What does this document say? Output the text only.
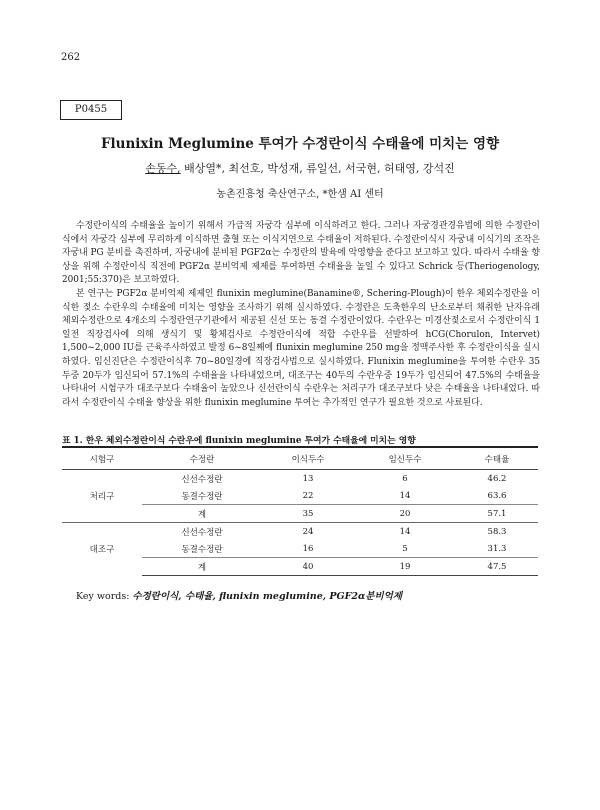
262
P0455
Flunixin Meglumine 투여가 수정란이식 수태율에 미치는 영향
손동수, 배상열*, 최선호, 박성재, 류일선, 서국현, 허태영, 강석진
농촌진흥청 축산연구소, *한샘 AI 센터

수정란이식의 수태율을 높이기 위해서 가급적 자궁각 심부에 이식하려고 한다. 그러나 자궁경관경유법에 의한 수정란이식에서 자궁각 심부에 무리하게 이식하면 출혈 또는 이식지연으로 수태율이 저하된다. 수정란이식시 자궁내 이식기의 조작은 자궁내 PG 분비를 촉진하며, 자궁내에 분비된 PGF2α는 수정란의 발육에 악영향을 준다고 보고하고 있다. 따라서 수태율 향상을 위해 수정란이식 직전에 PGF2α 분비억제 제제를 투여하면 수태율을 높일 수 있다고 Schrick 등(Theriogenology, 2001;55:370)은 보고하였다.

본 연구는 PGF2α 분비억제 제제인 flunixin meglumine(Banamine®, Schering-Plough)이 한우 체외수정란을 이식한 젖소 수란우의 수태율에 미치는 영향을 조사하기 위해 실시하였다. 수정란은 도축한우의 난소로부터 채취한 난자유래 체외수정란으로 4개소의 수정란연구기관에서 제공된 신선 또는 동결 수정란이었다. 수란우는 미경산젖소로서 수정란이식 1일전 직장검사에 의해 생식기 및 황체검사로 수정란이식에 적합 수란우를 선발하여 hCG(Chorulon, Intervet) 1,500~2,000 IU를 근육주사하였고 발정 6~8일째에 flunixin meglumine 250 mg을 정맥주사한 후 수정란이식을 실시하였다. 임신진단은 수정란이식후 70~80일경에 직장검사법으로 실시하였다. Flunixin meglumine을 투여한 수란우 35두중 20두가 임신되어 57.1%의 수태율을 나타내었으며, 대조구는 40두의 수란우중 19두가 임신되어 47.5%의 수태율을 나타내어 시험구가 대조구보다 수태율이 높았으나 신선란이식 수란우는 처리구가 대조구보다 낮은 수태율을 나타내었다. 따라서 수정란이식 수태율 향상을 위한 flunixin meglumine 투여는 추가적인 연구가 필요한 것으로 사료된다.

표 1. 한우 체외수정란이식 수란우에 flunixin meglumine 투여가 수태율에 미치는 영향
시험구	수정란	이식두수	임신두수	수태율
처리구	신선수정란	13	6	46.2
	동결수정란	22	14	63.6
	계	35	20	57.1
대조구	신선수정란	24	14	58.3
	동결수정란	16	5	31.3
	계	40	19	47.5
Key words: 수정란이식, 수태율, flunixin meglumine, PGF2α분비억제
